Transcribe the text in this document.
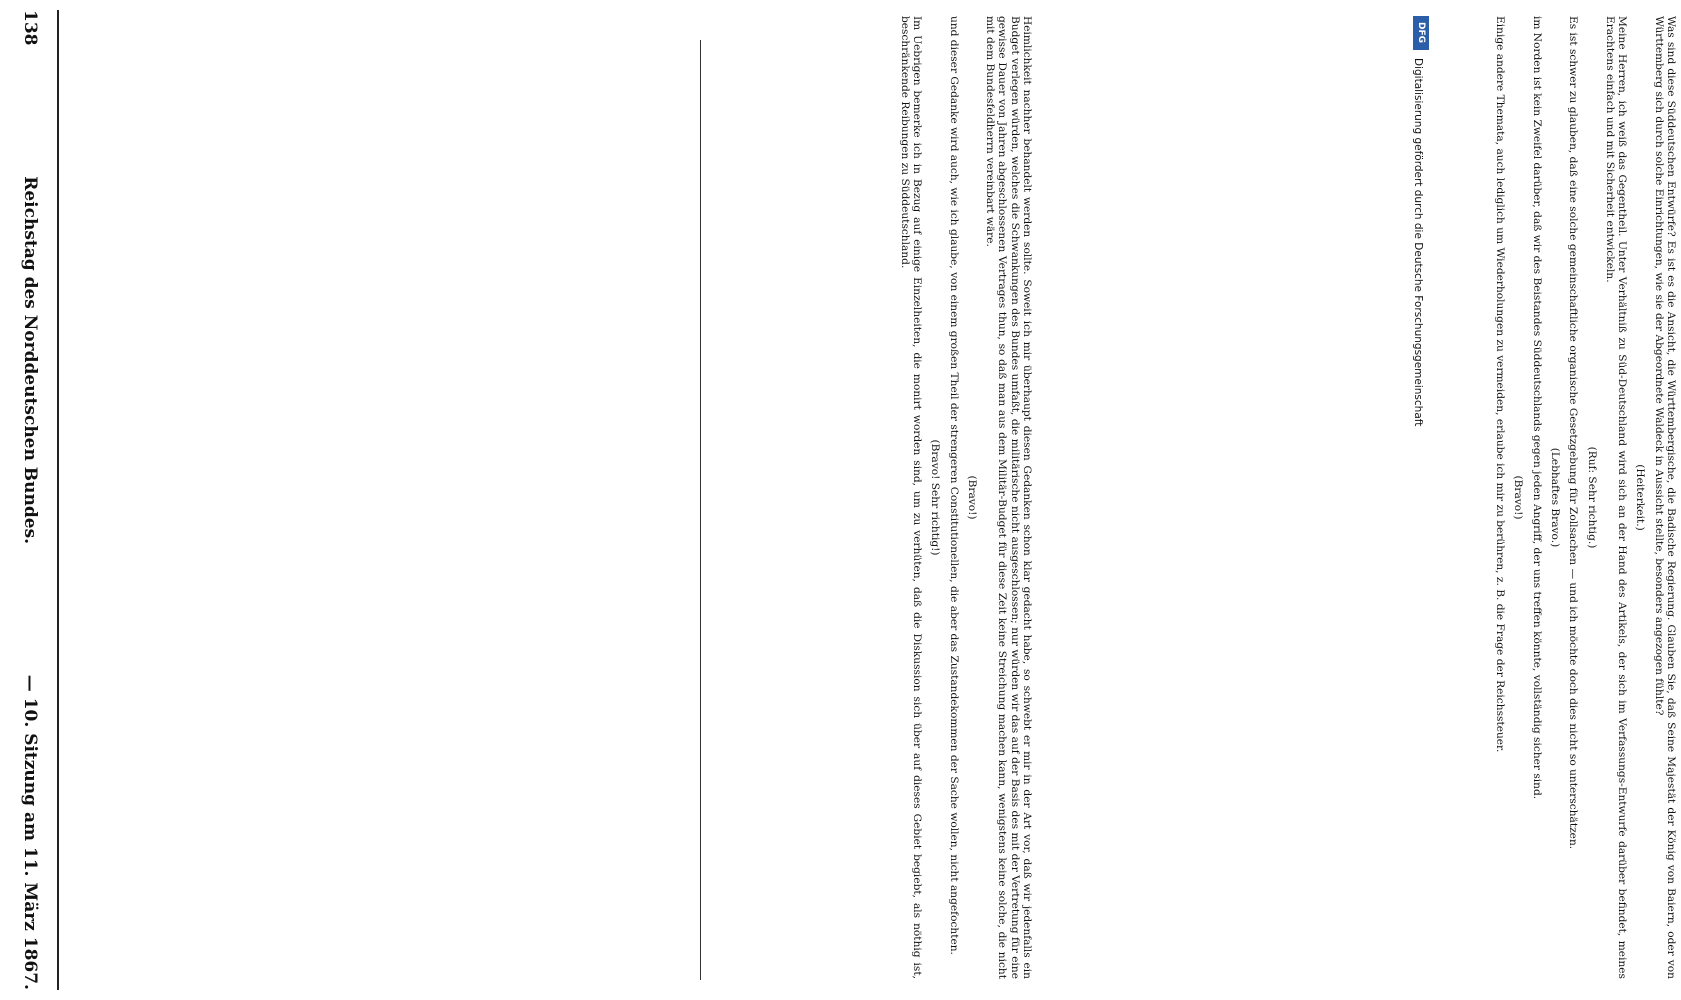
138
Reichstag des Norddeutschen Bundes.
— 10. Sitzung am 11. März 1867.	Heimlichkeit nachher behandelt werden sollte. Soweit ich mir überhaupt diesen Gedanken schon klar gedacht habe, so schwebt er mir in der Art vor, daß wir jedenfalls ein Budget verlegen würden, welches die Schwankungen des Bundes umfaßt, die militärische nicht ausgeschlossen; nur würden wir das auf der Basis des mit der Vertretung für eine gewisse Dauer von Jahren abgeschlossenen Vertrages thun, so daß man aus dem Militär-Budget für diese Zeit keine Streichung machen kann, wenigstens keine solche, die nicht mit dem Bundesfeldherrn vereinbart wäre.
(Bravo!)
und dieser Gedanke wird auch, wie ich glaube, von einem großen Theil der strengeren Constitutionellen, die aber das Zustandekommen der Sache wollen, nicht angefochten.
(Bravo! Sehr richtig!)
Im Uebrigen bemerke ich in Bezug auf einige Einzelheiten, die monirt worden sind, um zu verhüten, daß die Diskussion sich über auf dieses Gebiet begiebt, als nöthig ist, beschränkende Reibungen zu Süddeutschland.	Was sind diese Süddeutschen Entwürfe? Es ist es die Ansicht, die Württembergische, die Badische Regierung. Glauben Sie, daß Seine Majestät der König von Baiern, oder von Württemberg sich durch solche Einrichtungen, wie sie der Abgeordnete Waldeck in Aussicht stellte, besonders angezogen fühlte?
(Heiterkeit.)
Meine Herren, ich weiß das Gegentheil. Unter Verhältniß zu Süd-Deutschland wird sich an der Hand des Artikels, der sich im Verfassungs-Entwurfe darüber befindet, meines Erachtens einfach und mit Sicherheit entwickeln.
(Ruf: Sehr richtig.)
Es ist schwer zu glauben, daß eine solche gemeinschaftliche organische Gesetzgebung für Zollsachen — und ich möchte doch dies nicht so unterschätzen.
(Lebhaftes Bravo.)
im Norden ist kein Zweifel darüber, daß wir des Beistandes Süddeutschlands gegen jeden Angriff, der uns treffen könnte, vollständig sicher sind.
(Bravo!)
Einige andere Themata, auch lediglich um Wiederholungen zu vermeiden, erlaube ich mir zu berühren, z. B. die Frage der Reichssteuer.
DFG
Digitalisierung gefördert durch die Deutsche Forschungsgemeinschaft
